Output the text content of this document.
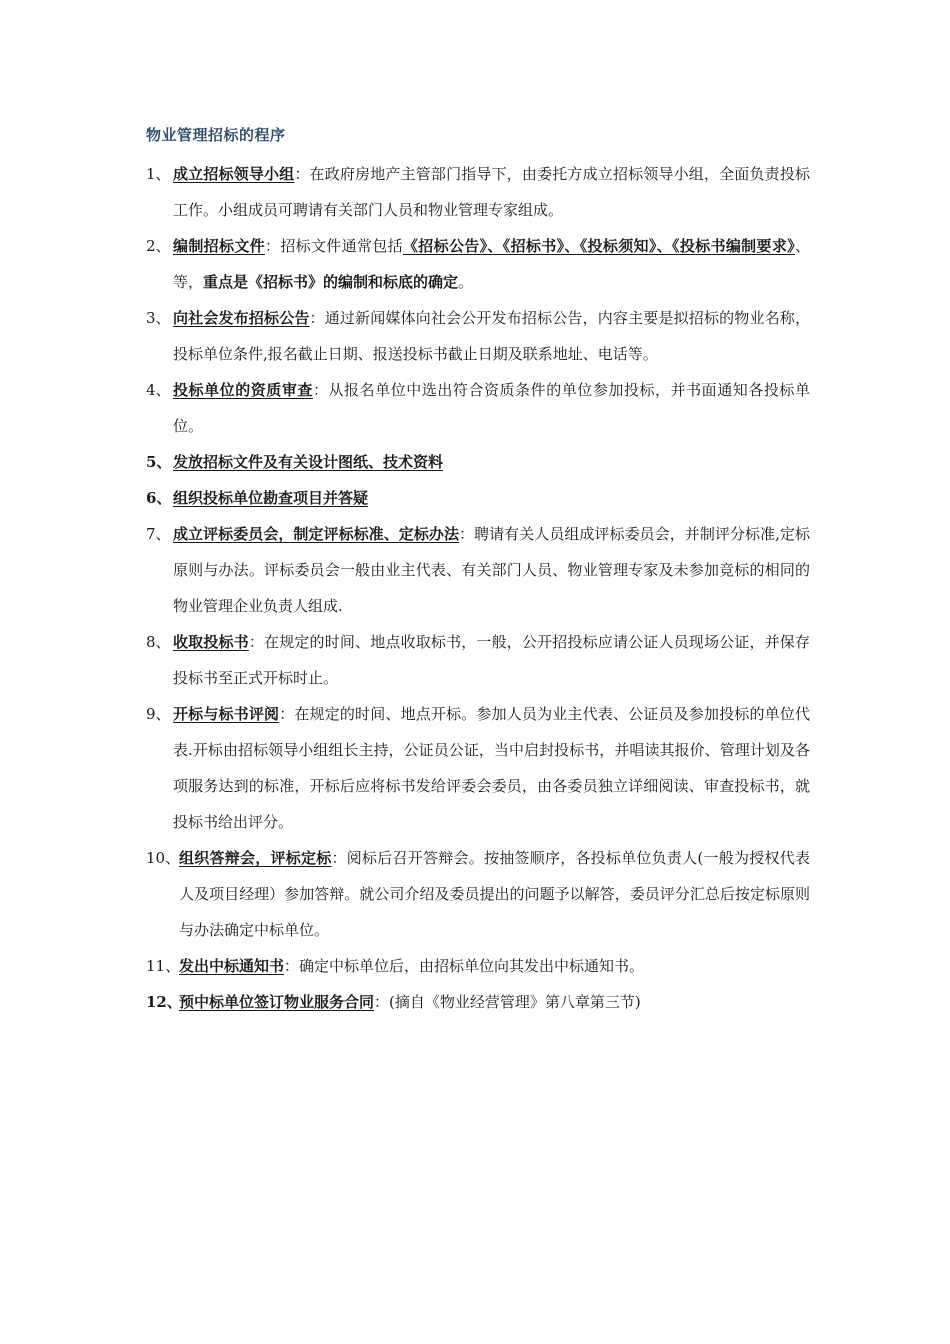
物业管理招标的程序
1、 成立招标领导小组：在政府房地产主管部门指导下，由委托方成立招标领导小组，全面负责投标工作。小组成员可聘请有关部门人员和物业管理专家组成。
2、 编制招标文件：招标文件通常包括《招标公告》、《招标书》、《投标须知》、《投标书编制要求》、等，重点是《招标书》的编制和标底的确定。
3、 向社会发布招标公告：通过新闻媒体向社会公开发布招标公告，内容主要是拟招标的物业名称，投标单位条件,报名截止日期、报送投标书截止日期及联系地址、电话等。
4、 投标单位的资质审查：从报名单位中选出符合资质条件的单位参加投标，并书面通知各投标单位。
5、 发放招标文件及有关设计图纸、技术资料
6、 组织投标单位勘查项目并答疑
7、 成立评标委员会，制定评标标准、定标办法：聘请有关人员组成评标委员会，并制评分标准,定标原则与办法。评标委员会一般由业主代表、有关部门人员、物业管理专家及未参加竞标的相同的物业管理企业负责人组成.
8、 收取投标书：在规定的时间、地点收取标书，一般，公开招投标应请公证人员现场公证，并保存投标书至正式开标时止。
9、 开标与标书评阅：在规定的时间、地点开标。参加人员为业主代表、公证员及参加投标的单位代表.开标由招标领导小组组长主持，公证员公证，当中启封投标书，并唱读其报价、管理计划及各项服务达到的标准，开标后应将标书发给评委会委员，由各委员独立详细阅读、审查投标书，就投标书给出评分。
10、
组织答辩会，评标定标：阅标后召开答辩会。按抽签顺序，各投标单位负责人(一般为授权代表人及项目经理）参加答辩。就公司介绍及委员提出的问题予以解答，委员评分汇总后按定标原则与办法确定中标单位。
11、
发出中标通知书：确定中标单位后，由招标单位向其发出中标通知书。
12、
预中标单位签订物业服务合同：(摘自《物业经营管理》第八章第三节)
